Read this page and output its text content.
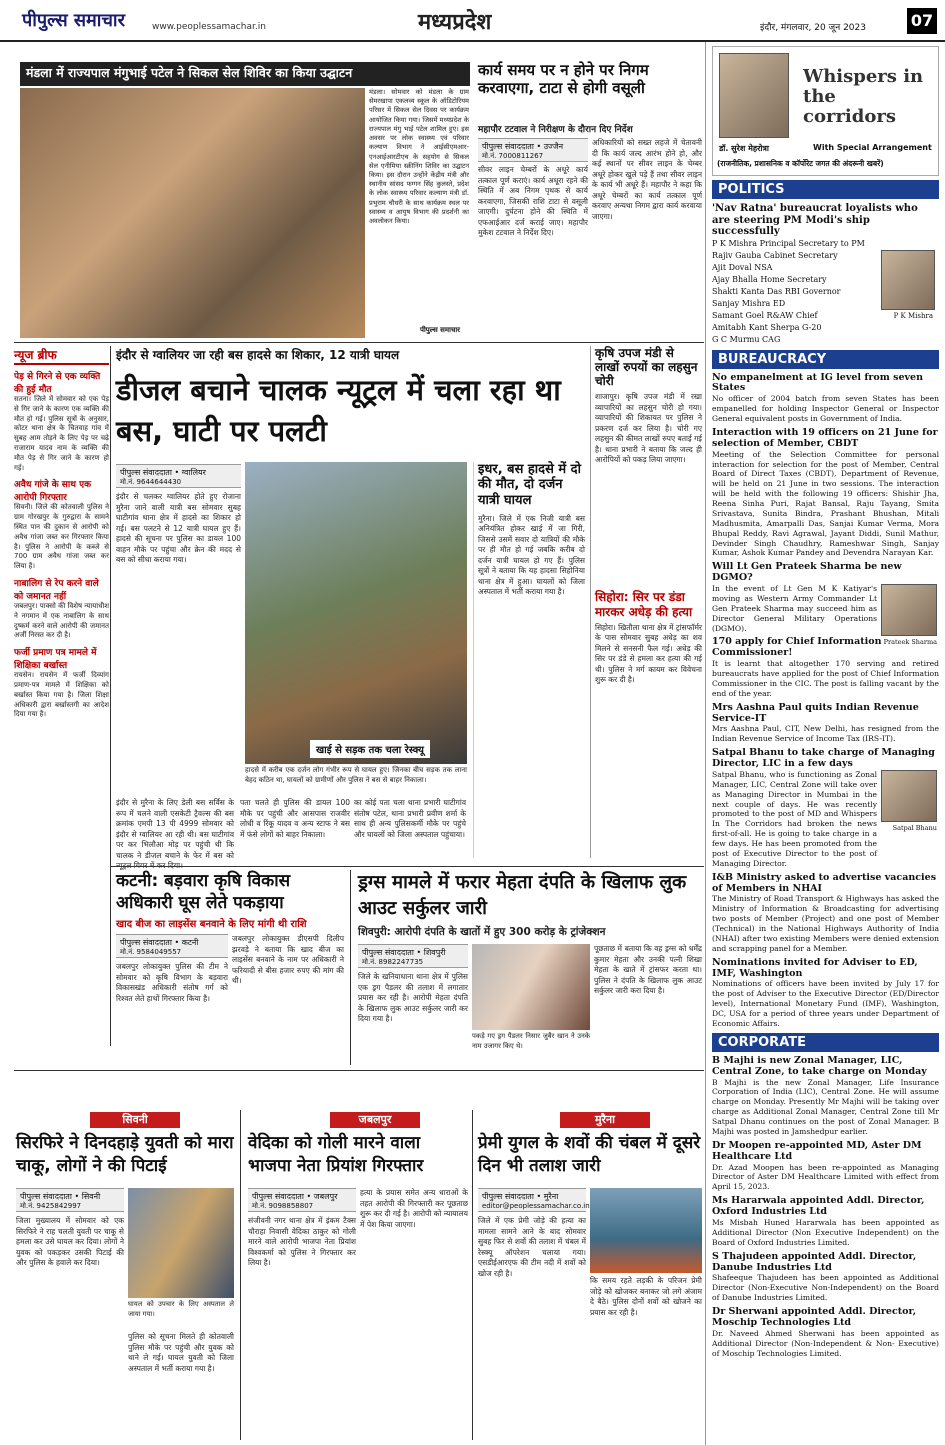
पीपुल्स समाचार	www.peoplessamachar.in	मध्यप्रदेश	इंदौर, मंगलवार, 20 जून 2023	07
मंडला में राज्यपाल मंगुभाई पटेल ने सिकल सेल शिविर का किया उद्घाटन
मंडला। सोमवार को मंडला के ग्राम सेमरखापा एकलव्य स्कूल के ऑडिटोरियम परिसर में सिकल सेल दिवस पर कार्यक्रम आयोजित किया गया। जिसमें मध्यप्रदेश के राज्यपाल मंगु भाई पटेल शामिल हुए। इस अवसर पर लोक स्वास्थ्य एवं परिवार कल्याण विभाग ने आईसीएमआर-एनआईआरटीएच के सहयोग से सिकल सेल एनीमिया स्क्रीनिंग शिविर का उद्घाटन किया। इस दौरान उन्होंने केंद्रीय मंत्री और स्थानीय सांसद फग्गन सिंह कुलस्ते, प्रदेश के लोक स्वास्थ्य परिवार कल्याण मंत्री डॉ. प्रभुराम चौधरी के साथ कार्यक्रम स्थल पर स्वास्थ्य व आयुष विभाग की प्रदर्शनी का अवलोकन किया।
पीपुल्स समाचार
कार्य समय पर न होने पर निगम करवाएगा, टाटा से होगी वसूली
महापौर टटवाल ने निरीक्षण के दौरान दिए निर्देश
पीपुल्स संवाददाता • उज्जैन
मो.नं. 7000811267
सीवर लाइन चेम्बरों के अधूरे कार्य तत्काल पूर्ण कराएं। कार्य अधूरा रहने की स्थिति में अब निगम पृथक से कार्य करवाएगा, जिसकी राशि टाटा से वसूली जाएगी। दुर्घटना होने की स्थिति में एफआईआर दर्ज कराई जाए। महापौर मुकेश टटवाल ने निर्देश दिए।
अधिकारियों को सख्त लहजे में चेतावनी दी कि कार्य जल्द आरंभ होने हो, और कई स्थानों पर सीवर लाइन के चेम्बर अधूरे होकर खुले पड़े हैं तथा सीवर लाइन के कार्य भी अधूरे हैं। महापौर ने कहा कि अधूरे चेम्बरों का कार्य तत्काल पूर्ण करवाए अन्यथा निगम द्वारा कार्य करवाया जाएगा।
न्यूज ब्रीफ
पेड़ से गिरने से एक व्यक्ति की हुई मौत
सतना। जिले में सोमवार को एक पेड़ से गिर जाने के कारण एक व्यक्ति की मौत हो गई। पुलिस सूत्रों के अनुसार, कोटर थाना क्षेत्र के चितवाह गांव में सुबह आम तोड़ने के लिए पेड़ पर चढ़े राजाराम यादव नाम के व्यक्ति की मौत पेड़ से गिर जाने के कारण हो गई।
अवैध गांजे के साथ एक आरोपी गिरफ्तार
सिवनी। जिले की कोतवाली पुलिस ने ग्राम गोरखपुर के गुरुद्वारा के सामने स्थित पान की दुकान से आरोपी को अवैध गांजा जब्त कर गिरफ्तार किया है। पुलिस ने आरोपी के कब्जे से 700 ग्राम अवैध गांजा जब्त कर लिया है।
नाबालिग से रेप करने वाले को जमानत नहीं
जबलपुर। पाक्सो की विशेष न्यायाधीश ने नगमान में एक नाबालिग के साथ दुष्कर्म करने वाले आरोपी की जमानत अर्जी निरस्त कर दी है।
फर्जी प्रमाण पत्र मामले में शिक्षिका बर्खास्त
रायसेन। रायसेन में फर्जी दिव्यांग प्रमाण-पत्र मामले में शिक्षिका को बर्खास्त किया गया है। जिला शिक्षा अधिकारी द्वारा बर्खास्तगी का आदेश दिया गया है।
इंदौर से ग्वालियर जा रही बस हादसे का शिकार, 12 यात्री घायल
डीजल बचाने चालक न्यूट्रल में चला रहा था बस, घाटी पर पलटी
पीपुल्स संवाददाता • ग्वालियर
मो.नं. 9644644430
इंदौर से चलकर ग्वालियर होते हुए रोजाना मुरैना जाने वाली यात्री बस सोमवार सुबह घाटीगांव थाना क्षेत्र में हादसे का शिकार हो गई। बस पलटने से 12 यात्री घायल हुए हैं। हादसे की सूचना पर पुलिस का डायल 100 वाहन मौके पर पहुंचा और क्रेन की मदद से बस को सीधा कराया गया।
खाई से सड़क तक चला रेस्क्यू
हादसे में करीब एक दर्जन लोग गंभीर रूप से घायल हुए। जिनका बीच सड़क तक लाना बेहद कठिन था, घायलों को ग्रामीणों और पुलिस ने बस से बाहर निकाला।
इंदौर से मुरैना के लिए डेली बस सर्विस के रूप में चलने वाली एसकेटी ट्रैवल्स की बस क्रमांक एमपी 13 पी 4999 सोमवार को इंदौर से ग्वालियर आ रही थी। बस घाटीगांव पर कर भिलौआ मोड़ पर पहुंची थी कि चालक ने डीजल बचाने के फेर में बस को
पता चलते ही पुलिस की डायल 100 मौके पर पहुंची और आसपास राजवीर लोधी व रिंकू यादव व अन्य स्टाफ ने बस में फंसे लोगों को बाहर निकाला।
का कोई पता चला थाना प्रभारी घाटीगांव संतोष पटेल, थाना प्रभारी प्रवीण शर्मा के साथ ही अन्य पुलिसकर्मी मौके पर पहुंचे और घायलों को जिला अस्पताल पहुंचाया।
इधर, बस हादसे में दो की मौत, दो दर्जन यात्री घायल
मुरैना। जिले में एक निजी यात्री बस अनियंत्रित होकर खाई में जा गिरी, जिससे उसमें सवार दो यात्रियों की मौके पर ही मौत हो गई जबकि करीब दो दर्जन यात्री घायल हो गए हैं। पुलिस सूत्रों ने बताया कि यह हादसा सिहोनिया थाना क्षेत्र में हुआ। घायलों को जिला अस्पताल में भर्ती कराया गया है।
कृषि उपज मंडी से लाखों रुपयों का लहसुन चोरी
शाजापुर। कृषि उपज मंडी में रखा व्यापारियों का लहसुन चोरी हो गया। व्यापारियों की शिकायत पर पुलिस ने प्रकरण दर्ज कर लिया है। चोरी गए लहसुन की कीमत लाखों रुपए बताई गई है। थाना प्रभारी ने बताया कि जल्द ही आरोपियों को पकड़ लिया जाएगा।
सिहोरा: सिर पर डंडा मारकर अधेड़ की हत्या
सिहोरा। खितौला थाना क्षेत्र में ट्रांसफॉर्मर के पास सोमवार सुबह अधेड़ का शव मिलने से सनसनी फैल गई। अधेड़ की सिर पर डंडे से हमला कर हत्या की गई थी। पुलिस ने मर्ग कायम कर विवेचना शुरू कर दी है।
कटनी: बड़वारा कृषि विकास अधिकारी घूस लेते पकड़ाया
खाद बीज का लाइसेंस बनवाने के लिए मांगी थी राशि
पीपुल्स संवाददाता • कटनी
मो.नं. 9584049557
जबलपुर लोकायुक्त पुलिस की टीम ने सोमवार को कृषि विभाग के बड़वारा विकासखंड अधिकारी संतोष गर्ग को रिश्वत लेते हाथों गिरफ्तार किया है।
जबलपुर लोकायुक्त डीएसपी दिलीप झरवड़े ने बताया कि खाद बीज का लाइसेंस बनवाने के नाम पर अधिकारी ने फरियादी से बीस हजार रुपए की मांग की थी।
ड्रग्स मामले में फरार मेहता दंपति के खिलाफ लुक आउट सर्कुलर जारी
शिवपुरी: आरोपी दंपति के खातों में हुए 300 करोड़ के ट्रांजेक्शन
पीपुल्स संवाददाता • शिवपुरी
मो.नं. 8982247735
जिले के खनियाधाना थाना क्षेत्र में पुलिस एक ड्रग पैडलर की तलाश में लगातार प्रयास कर रही है। आरोपी मेहता दंपति के खिलाफ लुक आउट सर्कुलर जारी कर दिया गया है।
पकड़े गए ड्रग पैडलर निसार जुबैर खान ने उनके नाम उजागर किए थे।
पूछताछ में बताया कि वह ड्रग्स को धर्मेंद्र कुमार मेहता और उनकी पत्नी शिखा मेहता के खाते में ट्रांसफर करता था। पुलिस ने दंपति के खिलाफ लुक आउट सर्कुलर जारी करा दिया है।
सिवनी
सिरफिरे ने दिनदहाड़े युवती को मारा चाकू, लोगों ने की पिटाई
पीपुल्स संवाददाता • सिवनी
मो.नं. 9425842997
जिला मुख्यालय में सोमवार को एक सिरफिरे ने राह चलती युवती पर चाकू से हमला कर उसे घायल कर दिया। लोगों ने युवक को पकड़कर उसकी पिटाई की और पुलिस के हवाले कर दिया।
घायल को उपचार के लिए अस्पताल ले जाया गया।
पुलिस को सूचना मिलते ही कोतवाली पुलिस मौके पर पहुंची और युवक को थाने ले गई। घायल युवती को जिला अस्पताल में भर्ती कराया गया है।
जबलपुर
वेदिका को गोली मारने वाला भाजपा नेता प्रियांश गिरफ्तार
पीपुल्स संवाददाता • जबलपुर
मो.नं. 9098858807
संजीवनी नगर थाना क्षेत्र में इंकम टैक्स चौराहा निवासी वेदिका ठाकुर को गोली मारने वाले आरोपी भाजपा नेता प्रियांश विश्वकर्मा को पुलिस ने गिरफ्तार कर लिया है।
हत्या के प्रयास समेत अन्य धाराओं के तहत आरोपी की गिरफ्तारी कर पूछताछ शुरू कर दी गई है। आरोपी को न्यायालय में पेश किया जाएगा।
मुरैना
प्रेमी युगल के शवों की चंबल में दूसरे दिन भी तलाश जारी
पीपुल्स संवाददाता • मुरैना
editor@peoplessamachar.co.in
जिले में एक प्रेमी जोड़े की हत्या का मामला सामने आने के बाद सोमवार सुबह फिर से शवों की तलाश में चंबल में रेस्क्यू ऑपरेशन चलाया गया। एसडीईआरएफ की टीम नदी में शवों को खोज रही है।
कि समय रहते लड़की के परिजन प्रेमी जोड़े को खोजकर बनाकर जो लगे अंजाम दे बैठे। पुलिस दोनों शवों को खोजने का प्रयास कर रही है।
Whispers in the corridors
डॉ. सुरेश मेहरोत्रा	With Special Arrangement
(राजनीतिक, प्रशासनिक व कॉर्पोरेट जगत की अंदरूनी खबरें)
POLITICS
'Nav Ratna' bureaucrat loyalists who are steering PM Modi's ship successfully
P K Mishra Principal Secretary to PM
Rajiv Gauba Cabinet Secretary
Ajit Doval NSA
Ajay Bhalla Home Secretary
Shakti Kanta Das RBI Governor
Sanjay Mishra ED
Samant Goel R&AW Chief
Amitabh Kant Sherpa G-20
G C Murmu CAG
P K Mishra
BUREAUCRACY
No empanelment at IG level from seven States
No officer of 2004 batch from seven States has been empanelled for holding Inspector General or Inspector General equivalent posts in Government of India.
Interaction with 19 officers on 21 June for selection of Member, CBDT
Meeting of the Selection Committee for personal interaction for selection for the post of Member, Central Board of Direct Taxes (CBDT), Department of Revenue, will be held on 21 June in two sessions. The interaction will be held with the following 19 officers: Shishir Jha, Reena Sinha Puri, Rajat Bansal, Raju Tayang, Smita Srivastava, Sunita Bindra, Prashant Bhushan, Mitali Madhusmita, Amarpalli Das, Sanjai Kumar Verma, Mora Bhupal Reddy, Ravi Agrawal, Jayant Diddi, Sunil Mathur, Devinder Singh Chaudhry, Rameshwar Singh, Sanjay Kumar, Ashok Kumar Pandey and Devendra Narayan Kar.
Will Lt Gen Prateek Sharma be new DGMO?
In the event of Lt Gen M K Katiyar's moving as Western Army Commander Lt Gen Prateek Sharma may succeed him as Director General Military Operations (DGMO).
Prateek Sharma
170 apply for Chief Information Commissioner!
It is learnt that altogether 170 serving and retired bureaucrats have applied for the post of Chief Information Commissioner in the CIC. The post is falling vacant by the end of the year.
Mrs Aashna Paul quits Indian Revenue Service-IT
Mrs Aashna Paul, CIT, New Delhi, has resigned from the Indian Revenue Service of Income Tax (IRS-IT).
Satpal Bhanu to take charge of Managing Director, LIC in a few days
Satpal Bhanu, who is functioning as Zonal Manager, LIC, Central Zone will take over as Managing Director in Mumbai in the next couple of days. He was recently promoted to the post of MD and Whispers In The Corridors had broken the news first-of-all. He is going to take charge in a few days. He has been promoted from the post of Executive Director to the post of Managing Director.
Satpal Bhanu
I&B Ministry asked to advertise vacancies of Members in NHAI
The Ministry of Road Transport & Highways has asked the Ministry of Information & Broadcasting for advertising two posts of Member (Project) and one post of Member (Technical) in the National Highways Authority of India (NHAI) after two existing Members were denied extension and scrapping panel for a Member.
Nominations invited for Adviser to ED, IMF, Washington
Nominations of officers have been invited by July 17 for the post of Adviser to the Executive Director (ED/Director level), International Monetary Fund (IMF), Washington, DC, USA for a period of three years under Department of Economic Affairs.
CORPORATE
B Majhi is new Zonal Manager, LIC, Central Zone, to take charge on Monday
B Majhi is the new Zonal Manager, Life Insurance Corporation of India (LIC), Central Zone. He will assume charge on Monday. Presently Mr Majhi will be taking over charge as Additional Zonal Manager, Central Zone till Mr Satpal Dhanu continues on the post of Zonal Manager. B Majhi was posted in Jamshedpur earlier.
Dr Moopen re-appointed MD, Aster DM Healthcare Ltd
Dr. Azad Moopen has been re-appointed as Managing Director of Aster DM Healthcare Limited with effect from April 15, 2023.
Ms Hararwala appointed Addl. Director, Oxford Industries Ltd
Ms Misbah Huned Hararwala has been appointed as Additional Director (Non Executive Independent) on the Board of Oxford Industries Limited.
S Thajudeen appointed Addl. Director, Danube Industries Ltd
Shafeeque Thajudeen has been appointed as Additional Director (Non-Executive Non-Independent) on the Board of Danube Industries Limited.
Dr Sherwani appointed Addl. Director, Moschip Technologies Ltd
Dr. Naveed Ahmed Sherwani has been appointed as Additional Director (Non-Independent & Non- Executive) of Moschip Technologies Limited.
